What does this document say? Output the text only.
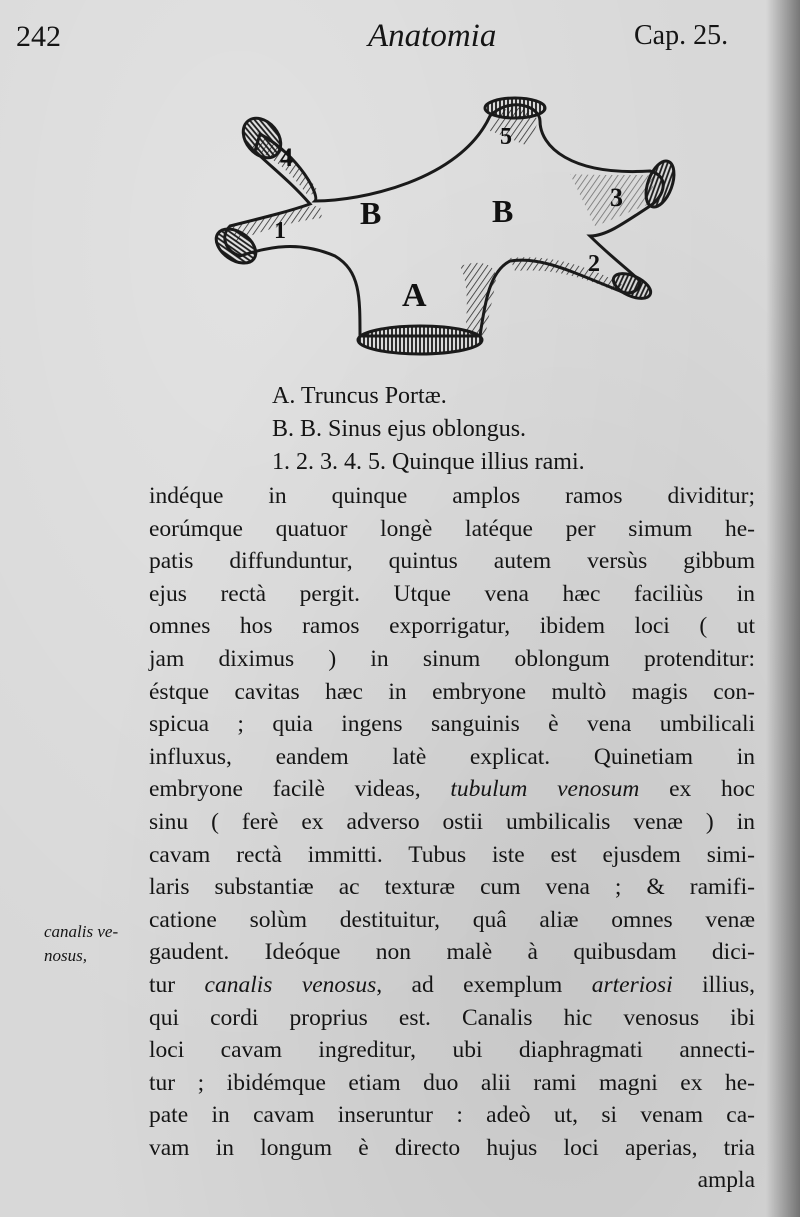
242	Anatomia	Cap. 25.
B	B
A
1
2
3
4
5
A. Truncus Portæ.
B. B. Sinus ejus oblongus.
1. 2. 3. 4. 5. Quinque illius rami.
canalis ve-
nosus,
indéque in quinque amplos ramos dividitur;
eorúmque quatuor longè latéque per simum he-
patis diffunduntur, quintus autem versùs gibbum
ejus rectà pergit. Utque vena hæc faciliùs in
omnes hos ramos exporrigatur, ibidem loci ( ut
jam diximus ) in sinum oblongum protenditur:
éstque cavitas hæc in embryone multò magis con-
spicua ; quia ingens sanguinis è vena umbilicali
influxus, eandem latè explicat. Quinetiam in
embryone facilè videas, tubulum venosum ex hoc
sinu ( ferè ex adverso ostii umbilicalis venæ ) in
cavam rectà immitti. Tubus iste est ejusdem simi-
laris substantiæ ac texturæ cum vena ; & ramifi-
catione solùm destituitur, quâ aliæ omnes venæ
gaudent. Ideóque non malè à quibusdam dici-
tur canalis venosus, ad exemplum arteriosi illius,
qui cordi proprius est. Canalis hic venosus ibi
loci cavam ingreditur, ubi diaphragmati annecti-
tur ; ibidémque etiam duo alii rami magni ex he-
pate in cavam inseruntur : adeò ut, si venam ca-
vam in longum è directo hujus loci aperias, tria
ampla
